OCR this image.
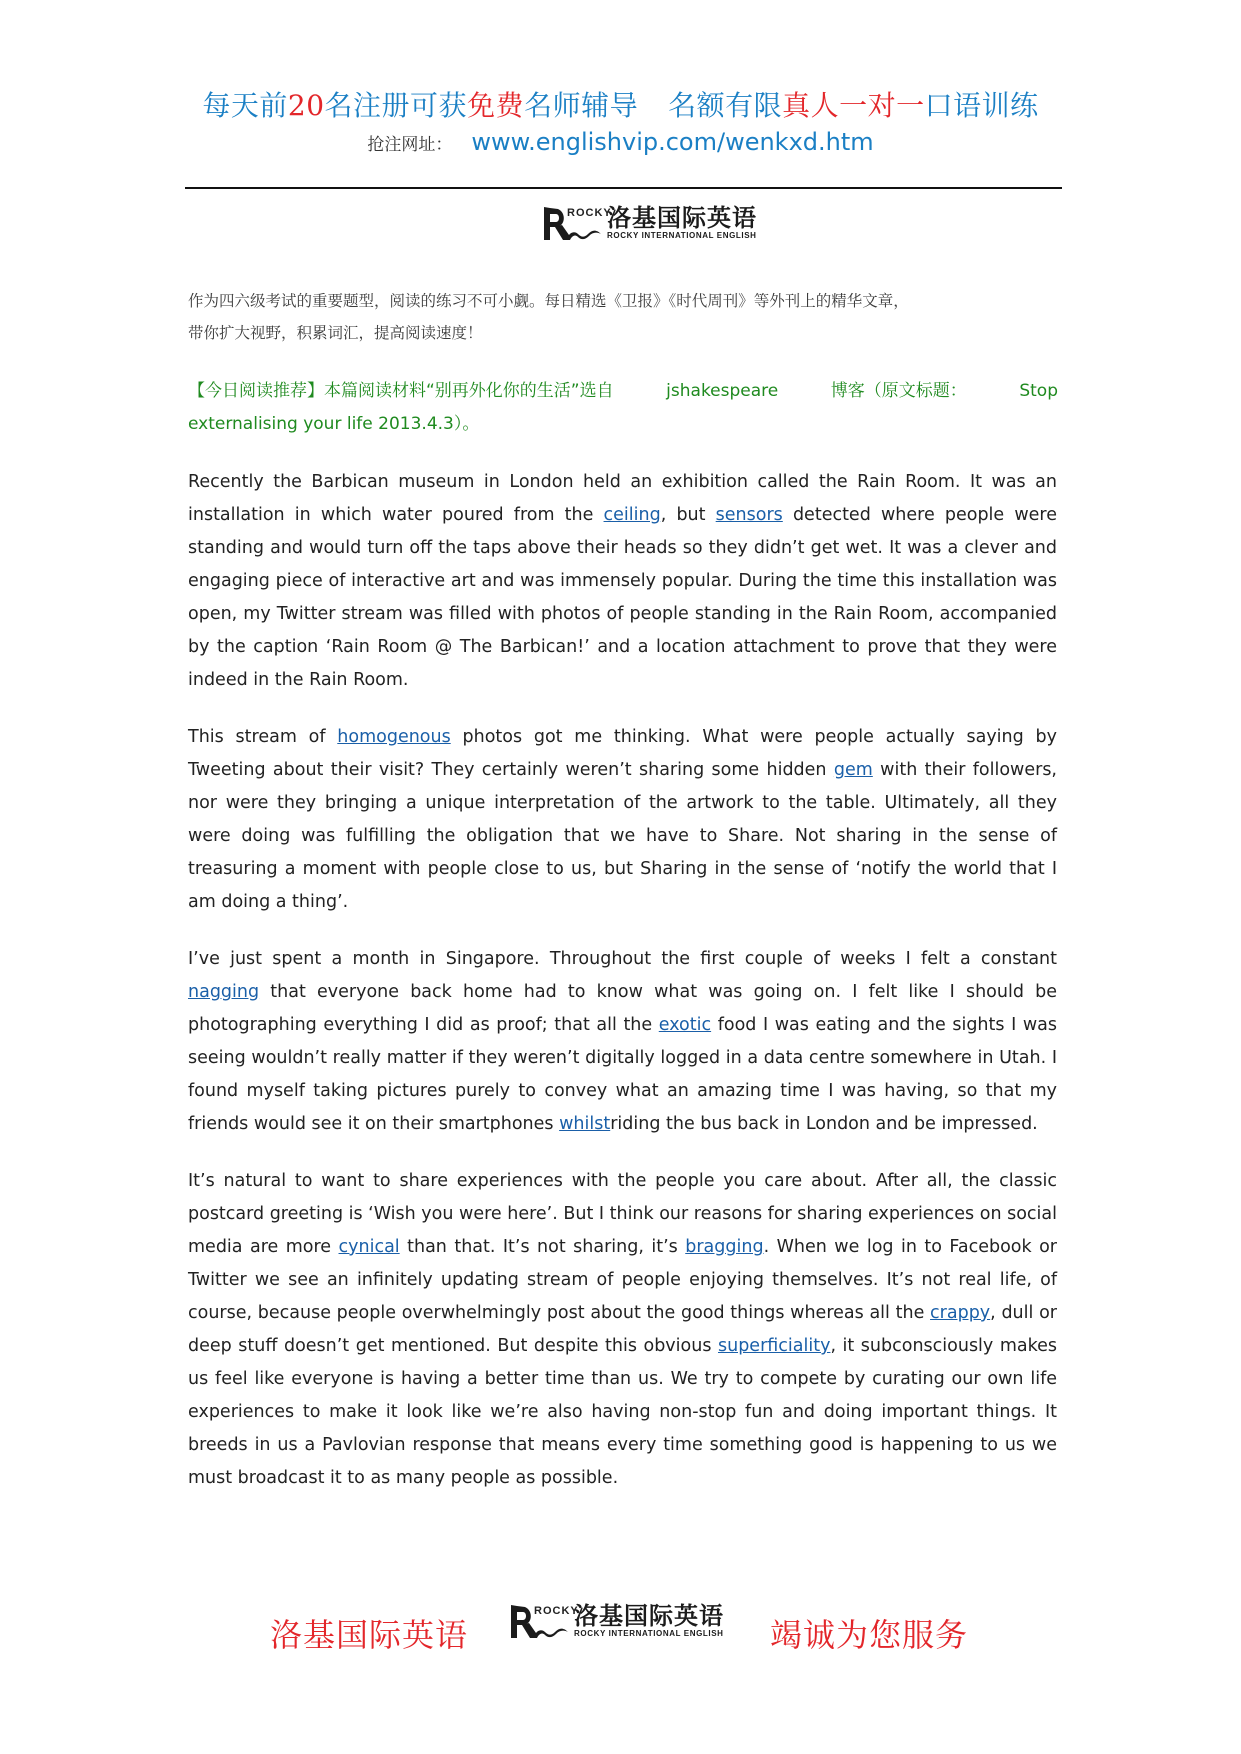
每天前20名注册可获免费名师辅导 名额有限真人一对一口语训练
抢注网址： www.englishvip.com/wenkxd.htm
ROCKY
洛基国际英语
ROCKY INTERNATIONAL ENGLISH

作为四六级考试的重要题型，阅读的练习不可小觑。每日精选《卫报》《时代周刊》等外刊上的精华文章，

带你扩大视野，积累词汇，提高阅读速度！

【今日阅读推荐】本篇阅读材料“别再外化你的生活”选自	jshakespeare	博客（原文标题：	Stop

externalising your life 2013.4.3）。

Recently the Barbican museum in London held an exhibition called the Rain Room. It was an installation in which water poured from the ceiling, but sensors detected where people were standing and would turn off the taps above their heads so they didn’t get wet. It was a clever and engaging piece of interactive art and was immensely popular. During the time this installation was open, my Twitter stream was filled with photos of people standing in the Rain Room, accompanied by the caption ‘Rain Room @ The Barbican!’ and a location attachment to prove that they were indeed in the Rain Room.

This stream of homogenous photos got me thinking. What were people actually saying by Tweeting about their visit? They certainly weren’t sharing some hidden gem with their followers, nor were they bringing a unique interpretation of the artwork to the table. Ultimately, all they were doing was fulfilling the obligation that we have to Share. Not sharing in the sense of treasuring a moment with people close to us, but Sharing in the sense of ‘notify the world that I am doing a thing’.

I’ve just spent a month in Singapore. Throughout the first couple of weeks I felt a constant nagging that everyone back home had to know what was going on. I felt like I should be photographing everything I did as proof; that all the exotic food I was eating and the sights I was seeing wouldn’t really matter if they weren’t digitally logged in a data centre somewhere in Utah. I found myself taking pictures purely to convey what an amazing time I was having, so that my friends would see it on their smartphones whilstriding the bus back in London and be impressed.

It’s natural to want to share experiences with the people you care about. After all, the classic postcard greeting is ‘Wish you were here’. But I think our reasons for sharing experiences on social media are more cynical than that. It’s not sharing, it’s bragging. When we log in to Facebook or Twitter we see an infinitely updating stream of people enjoying themselves. It’s not real life, of course, because people overwhelmingly post about the good things whereas all the crappy, dull or deep stuff doesn’t get mentioned. But despite this obvious superficiality, it subconsciously makes us feel like everyone is having a better time than us. We try to compete by curating our own life experiences to make it look like we’re also having non-stop fun and doing important things. It breeds in us a Pavlovian response that means every time something good is happening to us we must broadcast it to as many people as possible.

洛基国际英语	竭诚为您服务
ROCKY
洛基国际英语
ROCKY INTERNATIONAL ENGLISH
